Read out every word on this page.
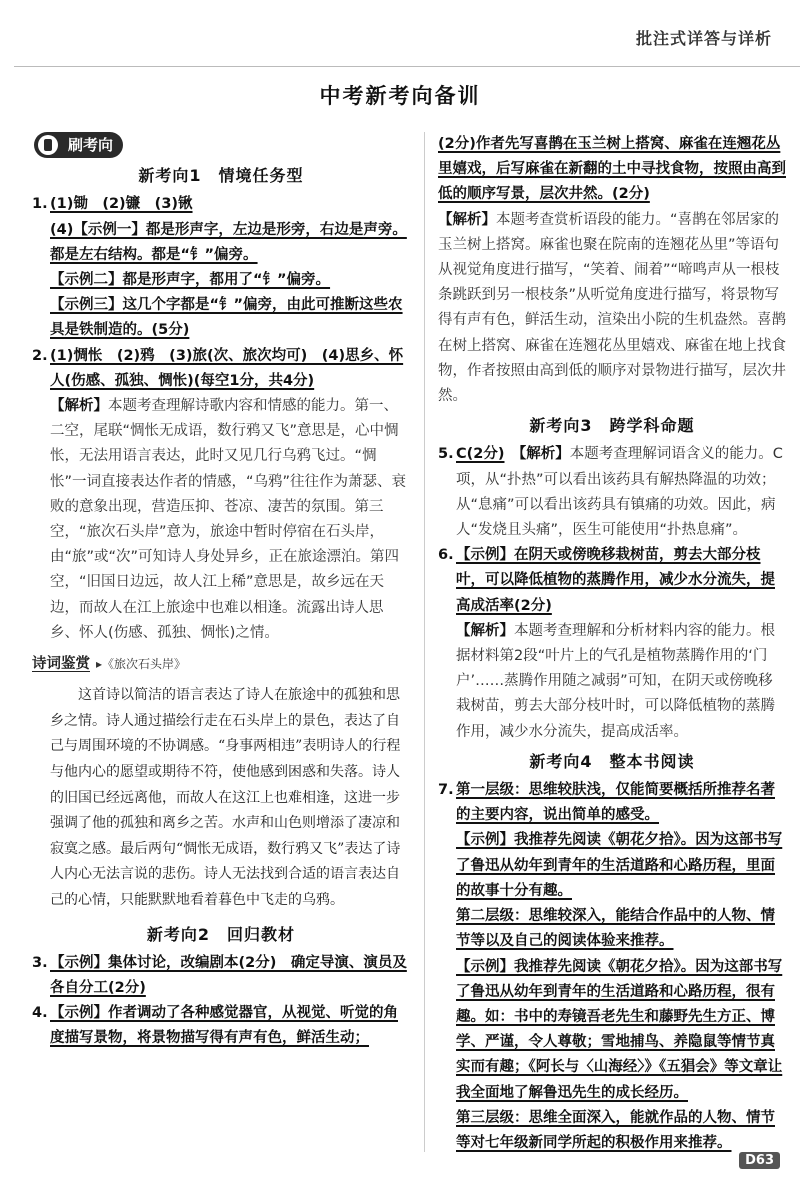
批注式详答与详析
中考新考向备训
刷考向
新考向1　情境任务型
1. (1)锄　(2)镰　(3)锹

(4)【示例一】都是形声字，左边是形旁，右边是声旁。都是左右结构。都是“钅”偏旁。

【示例二】都是形声字，都用了“钅”偏旁。

【示例三】这几个字都是“钅”偏旁，由此可推断这些农具是铁制造的。(5分)

2. (1)惆怅　(2)鸦　(3)旅(次、旅次均可)　(4)思乡、怀人(伤感、孤独、惆怅)(每空1分，共4分)

【解析】本题考查理解诗歌内容和情感的能力。第一、二空，尾联“惆怅无成语，数行鸦又飞”意思是，心中惆怅，无法用语言表达，此时又见几行乌鸦飞过。“惆怅”一词直接表达作者的情感，“乌鸦”往往作为萧瑟、衰败的意象出现，营造压抑、苍凉、凄苦的氛围。第三空，“旅次石头岸”意为，旅途中暂时停宿在石头岸，由“旅”或“次”可知诗人身处异乡，正在旅途漂泊。第四空，“旧国日边远，故人江上稀”意思是，故乡远在天边，而故人在江上旅途中也难以相逢。流露出诗人思乡、怀人(伤感、孤独、惆怅)之情。

诗词鉴赏 ▸《旅次石头岸》

这首诗以简洁的语言表达了诗人在旅途中的孤独和思乡之情。诗人通过描绘行走在石头岸上的景色，表达了自己与周围环境的不协调感。“身事两相违”表明诗人的行程与他内心的愿望或期待不符，使他感到困惑和失落。诗人的旧国已经远离他，而故人在这江上也难相逢，这进一步强调了他的孤独和离乡之苦。水声和山色则增添了凄凉和寂寞之感。最后两句“惆怅无成语，数行鸦又飞”表达了诗人内心无法言说的悲伤。诗人无法找到合适的语言表达自己的心情，只能默默地看着暮色中飞走的乌鸦。

新考向2　回归教材
3. 【示例】集体讨论，改编剧本(2分)　确定导演、演员及各自分工(2分)

4. 【示例】作者调动了各种感觉器官，从视觉、听觉的角度描写景物，将景物描写得有声有色，鲜活生动；

(2分)作者先写喜鹊在玉兰树上搭窝、麻雀在连翘花丛里嬉戏，后写麻雀在新翻的土中寻找食物，按照由高到低的顺序写景，层次井然。(2分)

【解析】本题考查赏析语段的能力。“喜鹊在邻居家的玉兰树上搭窝。麻雀也聚在院南的连翘花丛里”等语句从视觉角度进行描写，“笑着、闹着”“啼鸣声从一根枝条跳跃到另一根枝条”从听觉角度进行描写，将景物写得有声有色，鲜活生动，渲染出小院的生机盎然。喜鹊在树上搭窝、麻雀在连翘花丛里嬉戏、麻雀在地上找食物，作者按照由高到低的顺序对景物进行描写，层次井然。

新考向3　跨学科命题
5. C(2分)　 【解析】本题考查理解词语含义的能力。C项，从“扑热”可以看出该药具有解热降温的功效；从“息痛”可以看出该药具有镇痛的功效。因此，病人“发烧且头痛”，医生可能使用“扑热息痛”。

6. 【示例】在阴天或傍晚移栽树苗，剪去大部分枝叶，可以降低植物的蒸腾作用，减少水分流失，提高成活率(2分)

【解析】本题考查理解和分析材料内容的能力。根据材料第2段“叶片上的气孔是植物蒸腾作用的‘门户’……蒸腾作用随之减弱”可知，在阴天或傍晚移栽树苗，剪去大部分枝叶时，可以降低植物的蒸腾作用，减少水分流失，提高成活率。

新考向4　整本书阅读
7. 第一层级：思维较肤浅，仅能简要概括所推荐名著的主要内容，说出简单的感受。

【示例】我推荐先阅读《朝花夕拾》。因为这部书写了鲁迅从幼年到青年的生活道路和心路历程，里面的故事十分有趣。

第二层级：思维较深入，能结合作品中的人物、情节等以及自己的阅读体验来推荐。

【示例】我推荐先阅读《朝花夕拾》。因为这部书写了鲁迅从幼年到青年的生活道路和心路历程，很有趣。如：书中的寿镜吾老先生和藤野先生方正、博学、严谨，令人尊敬；雪地捕鸟、养隐鼠等情节真实而有趣；《阿长与〈山海经〉》《五猖会》等文章让我全面地了解鲁迅先生的成长经历。

第三层级：思维全面深入，能就作品的人物、情节等对七年级新同学所起的积极作用来推荐。

D63
